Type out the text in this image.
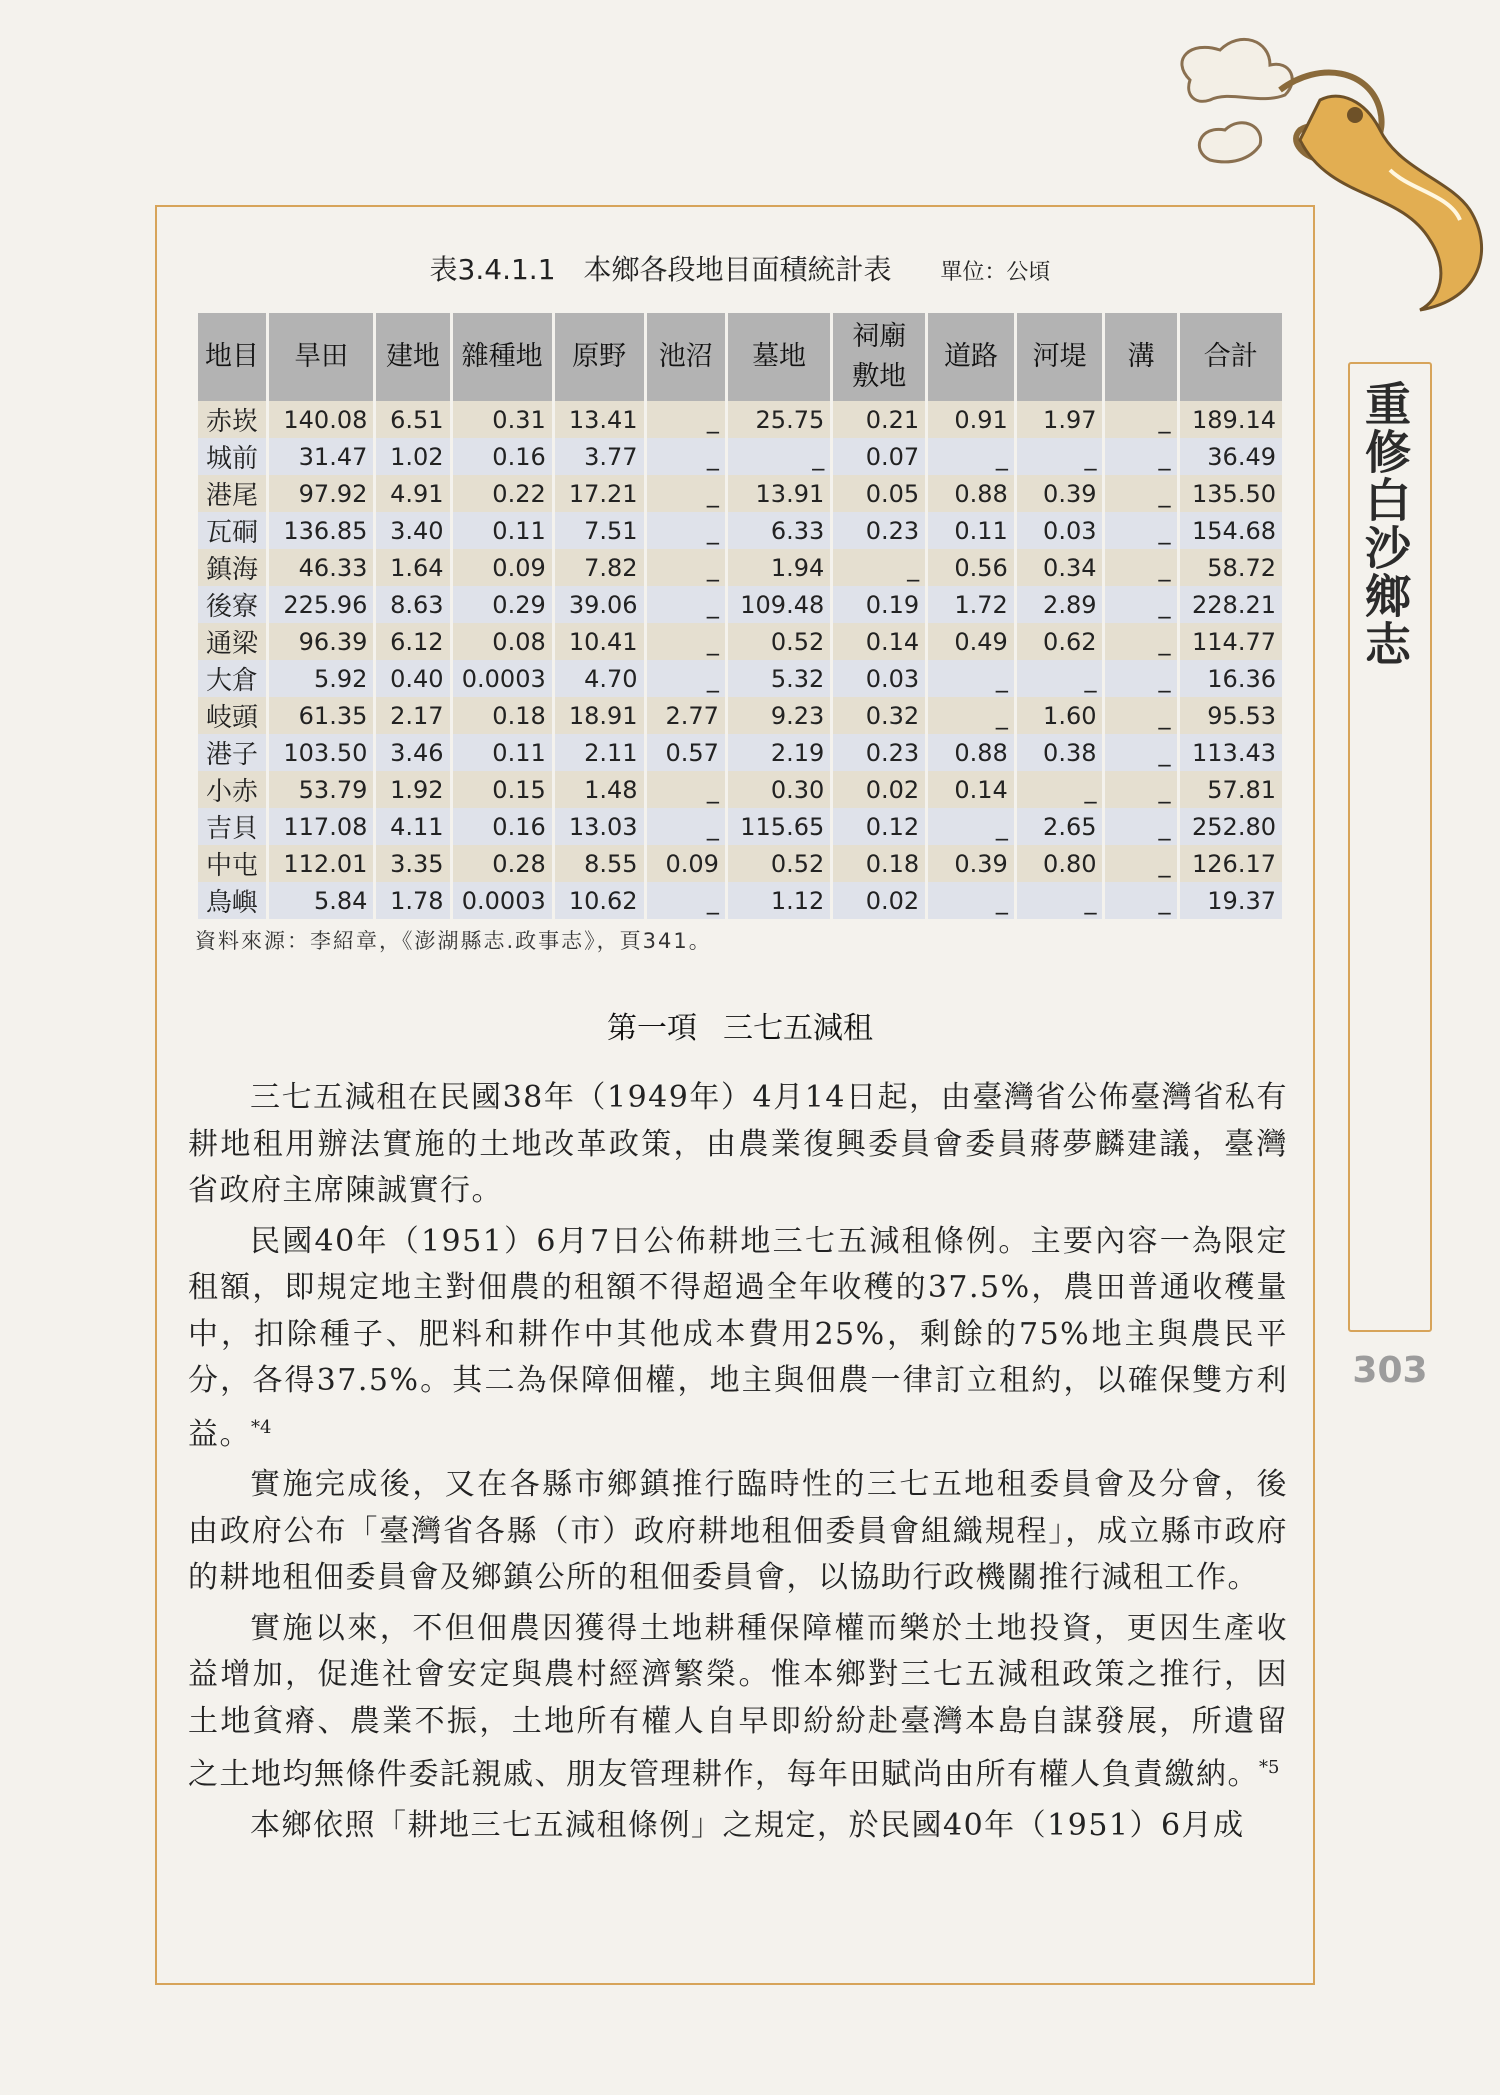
重修白沙鄉志
303
表3.4.1.1　本鄉各段地目面積統計表 單位：公頃
地目	旱田	建地	雜種地	原野	池沼	墓地	祠廟敷地	道路	河堤	溝	合計
赤崁	140.08	6.51	0.31	13.41	_	25.75	0.21	0.91	1.97	_	189.14
城前	31.47	1.02	0.16	3.77	_	_	0.07	_	_	_	36.49
港尾	97.92	4.91	0.22	17.21	_	13.91	0.05	0.88	0.39	_	135.50
瓦硐	136.85	3.40	0.11	7.51	_	6.33	0.23	0.11	0.03	_	154.68
鎮海	46.33	1.64	0.09	7.82	_	1.94	_	0.56	0.34	_	58.72
後寮	225.96	8.63	0.29	39.06	_	109.48	0.19	1.72	2.89	_	228.21
通梁	96.39	6.12	0.08	10.41	_	0.52	0.14	0.49	0.62	_	114.77
大倉	5.92	0.40	0.0003	4.70	_	5.32	0.03	_	_	_	16.36
岐頭	61.35	2.17	0.18	18.91	2.77	9.23	0.32	_	1.60	_	95.53
港子	103.50	3.46	0.11	2.11	0.57	2.19	0.23	0.88	0.38	_	113.43
小赤	53.79	1.92	0.15	1.48	_	0.30	0.02	0.14	_	_	57.81
吉貝	117.08	4.11	0.16	13.03	_	115.65	0.12	_	2.65	_	252.80
中屯	112.01	3.35	0.28	8.55	0.09	0.52	0.18	0.39	0.80	_	126.17
鳥嶼	5.84	1.78	0.0003	10.62	_	1.12	0.02	_	_	_	19.37
資料來源：李紹章，《澎湖縣志.政事志》，頁341。
第一項 三七五減租

三七五減租在民國38年（1949年）4月14日起，由臺灣省公佈臺灣省私有耕地租用辦法實施的土地改革政策，由農業復興委員會委員蔣夢麟建議，臺灣省政府主席陳誠實行。

民國40年（1951）6月7日公佈耕地三七五減租條例。主要內容一為限定租額，即規定地主對佃農的租額不得超過全年收穫的37.5%，農田普通收穫量中，扣除種子、肥料和耕作中其他成本費用25%，剩餘的75%地主與農民平分，各得37.5%。其二為保障佃權，地主與佃農一律訂立租約，以確保雙方利益。$^{*4}$

實施完成後，又在各縣市鄉鎮推行臨時性的三七五地租委員會及分會，後由政府公布「臺灣省各縣（市）政府耕地租佃委員會組織規程」，成立縣市政府的耕地租佃委員會及鄉鎮公所的租佃委員會，以協助行政機關推行減租工作。

實施以來，不但佃農因獲得土地耕種保障權而樂於土地投資，更因生產收益增加，促進社會安定與農村經濟繁榮。惟本鄉對三七五減租政策之推行，因土地貧瘠、農業不振，土地所有權人自早即紛紛赴臺灣本島自謀發展，所遺留之土地均無條件委託親戚、朋友管理耕作，每年田賦尚由所有權人負責繳納。$^{*5}$

本鄉依照「耕地三七五減租條例」之規定，於民國40年（1951）6月成
